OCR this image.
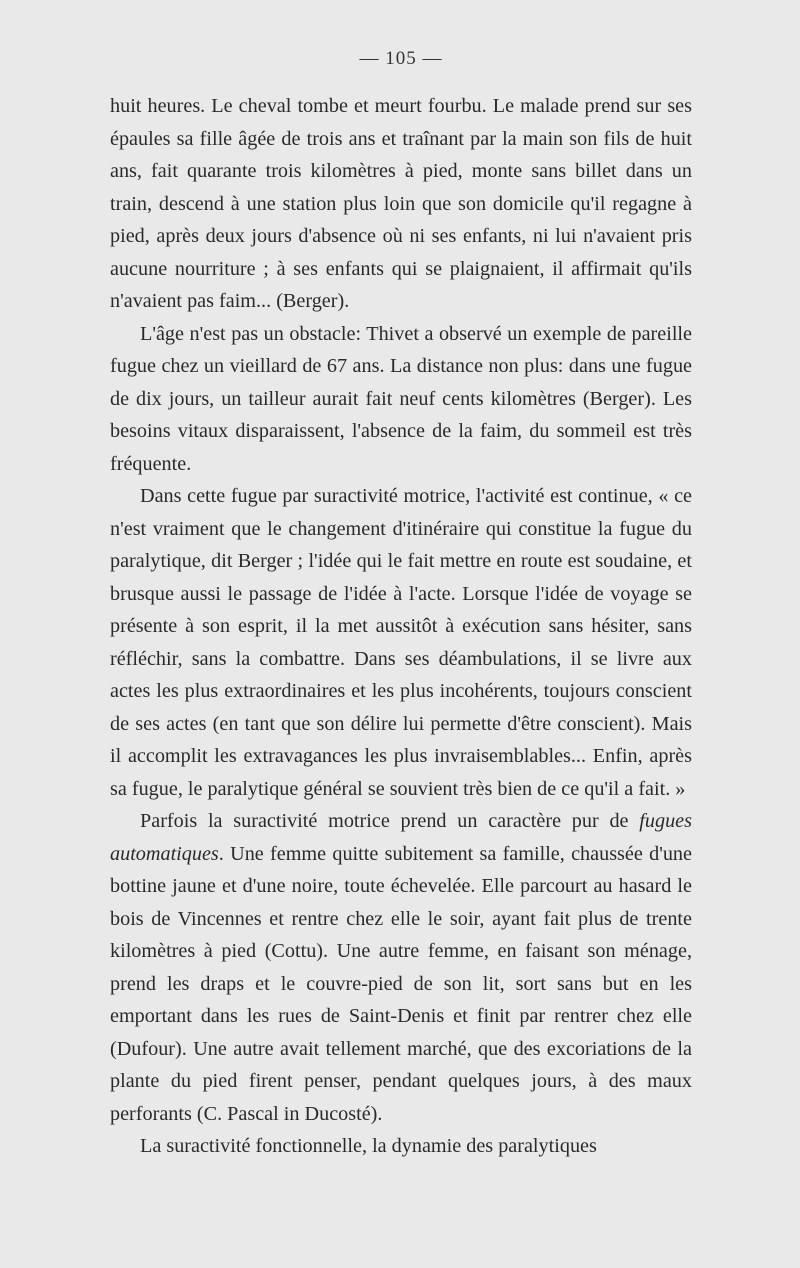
— 105 —

huit heures. Le cheval tombe et meurt fourbu. Le malade prend sur ses épaules sa fille âgée de trois ans et traînant par la main son fils de huit ans, fait quarante trois kilomètres à pied, monte sans billet dans un train, descend à une station plus loin que son domicile qu'il regagne à pied, après deux jours d'absence où ni ses enfants, ni lui n'avaient pris aucune nourriture ; à ses enfants qui se plaignaient, il affirmait qu'ils n'avaient pas faim... (Berger).

L'âge n'est pas un obstacle: Thivet a observé un exemple de pareille fugue chez un vieillard de 67 ans. La distance non plus: dans une fugue de dix jours, un tailleur aurait fait neuf cents kilomètres (Berger). Les besoins vitaux disparaissent, l'absence de la faim, du sommeil est très fréquente.

Dans cette fugue par suractivité motrice, l'activité est continue, « ce n'est vraiment que le changement d'itinéraire qui constitue la fugue du paralytique, dit Berger ; l'idée qui le fait mettre en route est soudaine, et brusque aussi le passage de l'idée à l'acte. Lorsque l'idée de voyage se présente à son esprit, il la met aussitôt à exécution sans hésiter, sans réfléchir, sans la combattre. Dans ses déambulations, il se livre aux actes les plus extraordinaires et les plus incohérents, toujours conscient de ses actes (en tant que son délire lui permette d'être conscient). Mais il accomplit les extravagances les plus invraisemblables... Enfin, après sa fugue, le paralytique général se souvient très bien de ce qu'il a fait. »

Parfois la suractivité motrice prend un caractère pur de fugues automatiques. Une femme quitte subitement sa famille, chaussée d'une bottine jaune et d'une noire, toute échevelée. Elle parcourt au hasard le bois de Vincennes et rentre chez elle le soir, ayant fait plus de trente kilomètres à pied (Cottu). Une autre femme, en faisant son ménage, prend les draps et le couvre-pied de son lit, sort sans but en les emportant dans les rues de Saint-Denis et finit par rentrer chez elle (Dufour). Une autre avait tellement marché, que des excoriations de la plante du pied firent penser, pendant quelques jours, à des maux perforants (C. Pascal in Ducosté).

La suractivité fonctionnelle, la dynamie des paralytiques
